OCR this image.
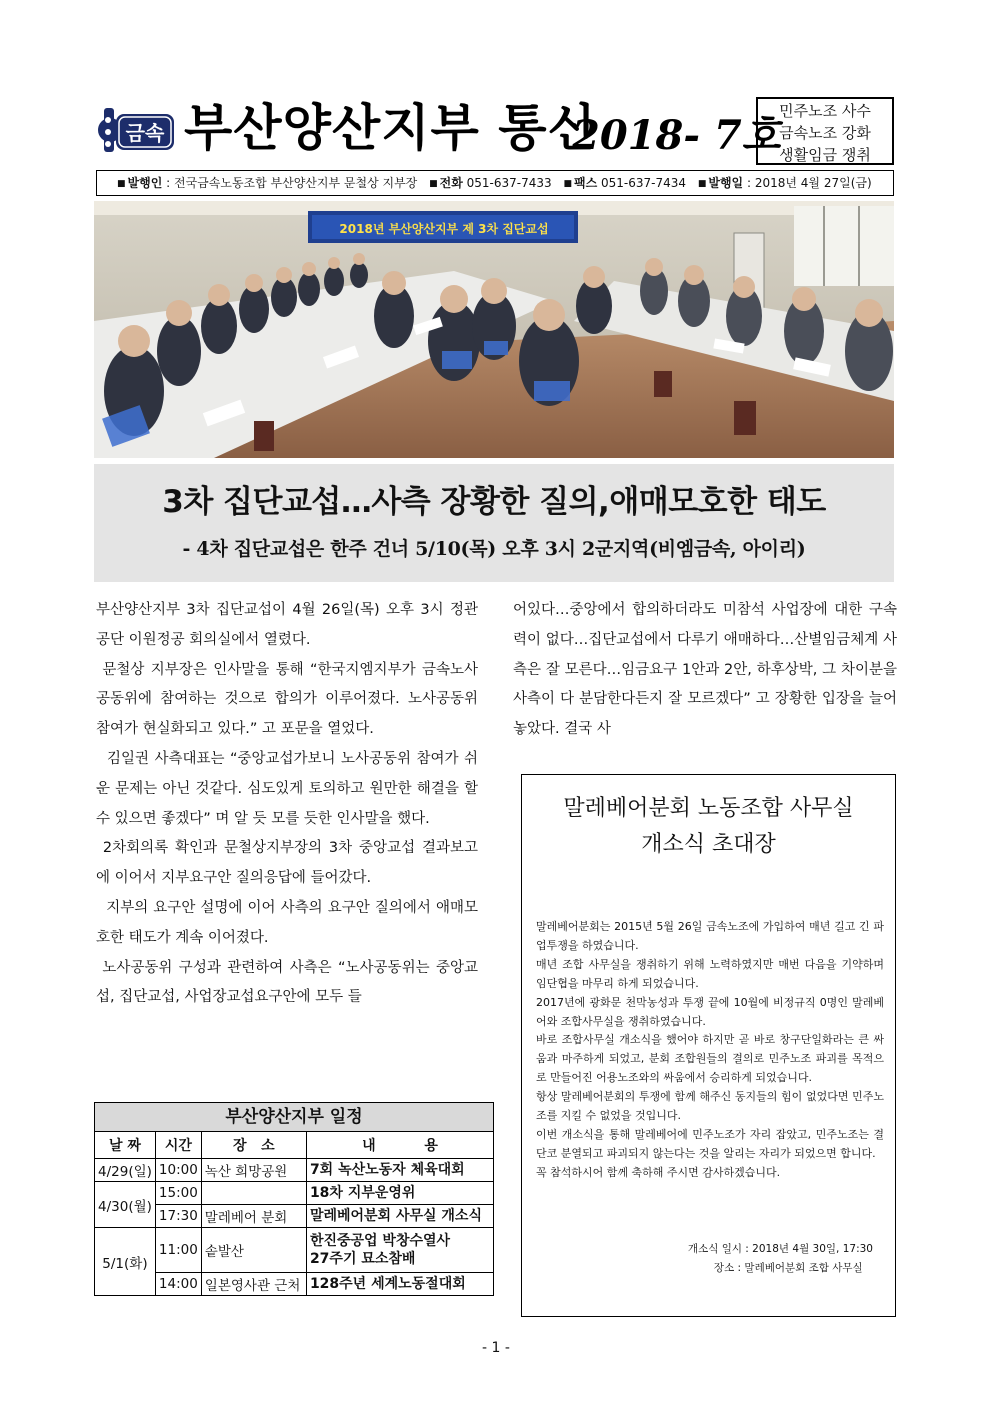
금속 부산양산지부 통신
2018- 7호
민주노조 사수
금속노조 강화
생활임금 쟁취
■ 발행인 : 전국금속노동조합 부산양산지부 문철상 지부장 ■ 전화 051-637-7433 ■ 팩스 051-637-7434 ■ 발행일 : 2018년 4월 27일(금)
2018년 부산양산지부 제 3차 집단교섭
3차 집단교섭…사측 장황한 질의,애매모호한 태도
- 4차 집단교섭은 한주 건너 5/10(목) 오후 3시 2군지역(비엠금속, 아이리)

부산양산지부 3차 집단교섭이 4월 26일(목) 오후 3시 정관공단 이원정공 회의실에서 열렸다.

문철상 지부장은 인사말을 통해 “한국지엠지부가 금속노사공동위에 참여하는 것으로 합의가 이루어졌다. 노사공동위 참여가 현실화되고 있다.” 고 포문을 열었다.

김일권 사측대표는 “중앙교섭가보니 노사공동위 참여가 쉬운 문제는 아닌 것같다. 심도있게 토의하고 원만한 해결을 할 수 있으면 좋겠다” 며 알 듯 모를 듯한 인사말을 했다.

2차회의록 확인과 문철상지부장의 3차 중앙교섭 결과보고에 이어서 지부요구안 질의응답에 들어갔다.

지부의 요구안 설명에 이어 사측의 요구안 질의에서 애매모호한 태도가 계속 이어졌다.

노사공동위 구성과 관련하여 사측은 “노사공동위는 중앙교섭, 집단교섭, 사업장교섭요구안에 모두 들

어있다…중앙에서 합의하더라도 미참석 사업장에 대한 구속력이 없다…집단교섭에서 다루기 애매하다…산별임금체계 사측은 잘 모른다…임금요구 1안과 2안, 하후상박, 그 차이분을 사측이 다 분담한다든지 잘 모르겠다” 고 장황한 입장을 늘어놓았다. 결국 사
말레베어분회 노동조합 사무실
개소식 초대장

말레베어분회는 2015년 5월 26일 금속노조에 가입하여 매년 길고 긴 파업투쟁을 하였습니다.

매년 조합 사무실을 쟁취하기 위해 노력하였지만 매번 다음을 기약하며 임단협을 마무리 하게 되었습니다.

2017년에 광화문 천막농성과 투쟁 끝에 10월에 비정규직 0명인 말레베어와 조합사무실을 쟁취하였습니다.

바로 조합사무실 개소식을 했어야 하지만 곧 바로 창구단일화라는 큰 싸움과 마주하게 되었고, 분회 조합원들의 결의로 민주노조 파괴를 목적으로 만들어진 어용노조와의 싸움에서 승리하게 되었습니다.

항상 말레베어분회의 투쟁에 함께 해주신 동지들의 힘이 없었다면 민주노조를 지킬 수 없었을 것입니다.

이번 개소식을 통해 말레베어에 민주노조가 자리 잡았고, 민주노조는 결단코 분열되고 파괴되지 않는다는 것을 알리는 자리가 되었으면 합니다.

꼭 참석하시어 함께 축하해 주시면 감사하겠습니다.

개소식 일시 : 2018년 4월 30일, 17:30
장소 : 말레베어분회 조합 사무실
부산양산지부 일정
날 짜	시간	장   소	내          용
4/29(일)	10:00	녹산 희망공원	7회 녹산노동자 체육대회
4/30(월)	15:00		18차 지부운영위
	17:30	말레베어 분회	말레베어분회 사무실 개소식
5/1(화)	11:00	솥발산	한진중공업 박창수열사
27주기 묘소참배

	14:00	일본영사관 근처	128주년 세계노동절대회
- 1 -
